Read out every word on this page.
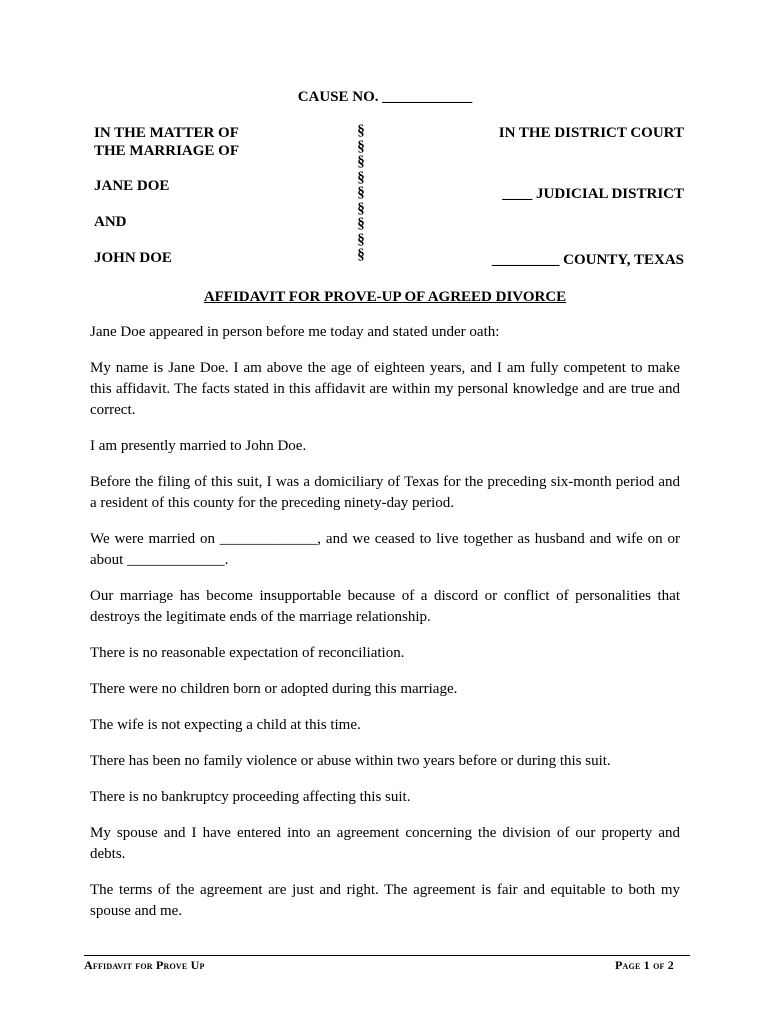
CAUSE NO. ____________
IN THE MATTER OF
THE MARRIAGE OF
JANE DOE
AND
JOHN DOE
§
§
§
§
§
§
§
§
§
IN THE DISTRICT COURT
____ JUDICIAL DISTRICT
_________ COUNTY, TEXAS
AFFIDAVIT FOR PROVE-UP OF AGREED DIVORCE

Jane Doe appeared in person before me today and stated under oath:

My name is Jane Doe. I am above the age of eighteen years, and I am fully competent to make this affidavit. The facts stated in this affidavit are within my personal knowledge and are true and correct.

I am presently married to John Doe.

Before the filing of this suit, I was a domiciliary of Texas for the preceding six-month period and a resident of this county for the preceding ninety-day period.

We were married on _____________, and we ceased to live together as husband and wife on or about _____________.

Our marriage has become insupportable because of a discord or conflict of personalities that destroys the legitimate ends of the marriage relationship.

There is no reasonable expectation of reconciliation.

There were no children born or adopted during this marriage.

The wife is not expecting a child at this time.

There has been no family violence or abuse within two years before or during this suit.

There is no bankruptcy proceeding affecting this suit.

My spouse and I have entered into an agreement concerning the division of our property and debts.

The terms of the agreement are just and right. The agreement is fair and equitable to both my spouse and me.

Affidavit for Prove Up	Page 1 of 2
